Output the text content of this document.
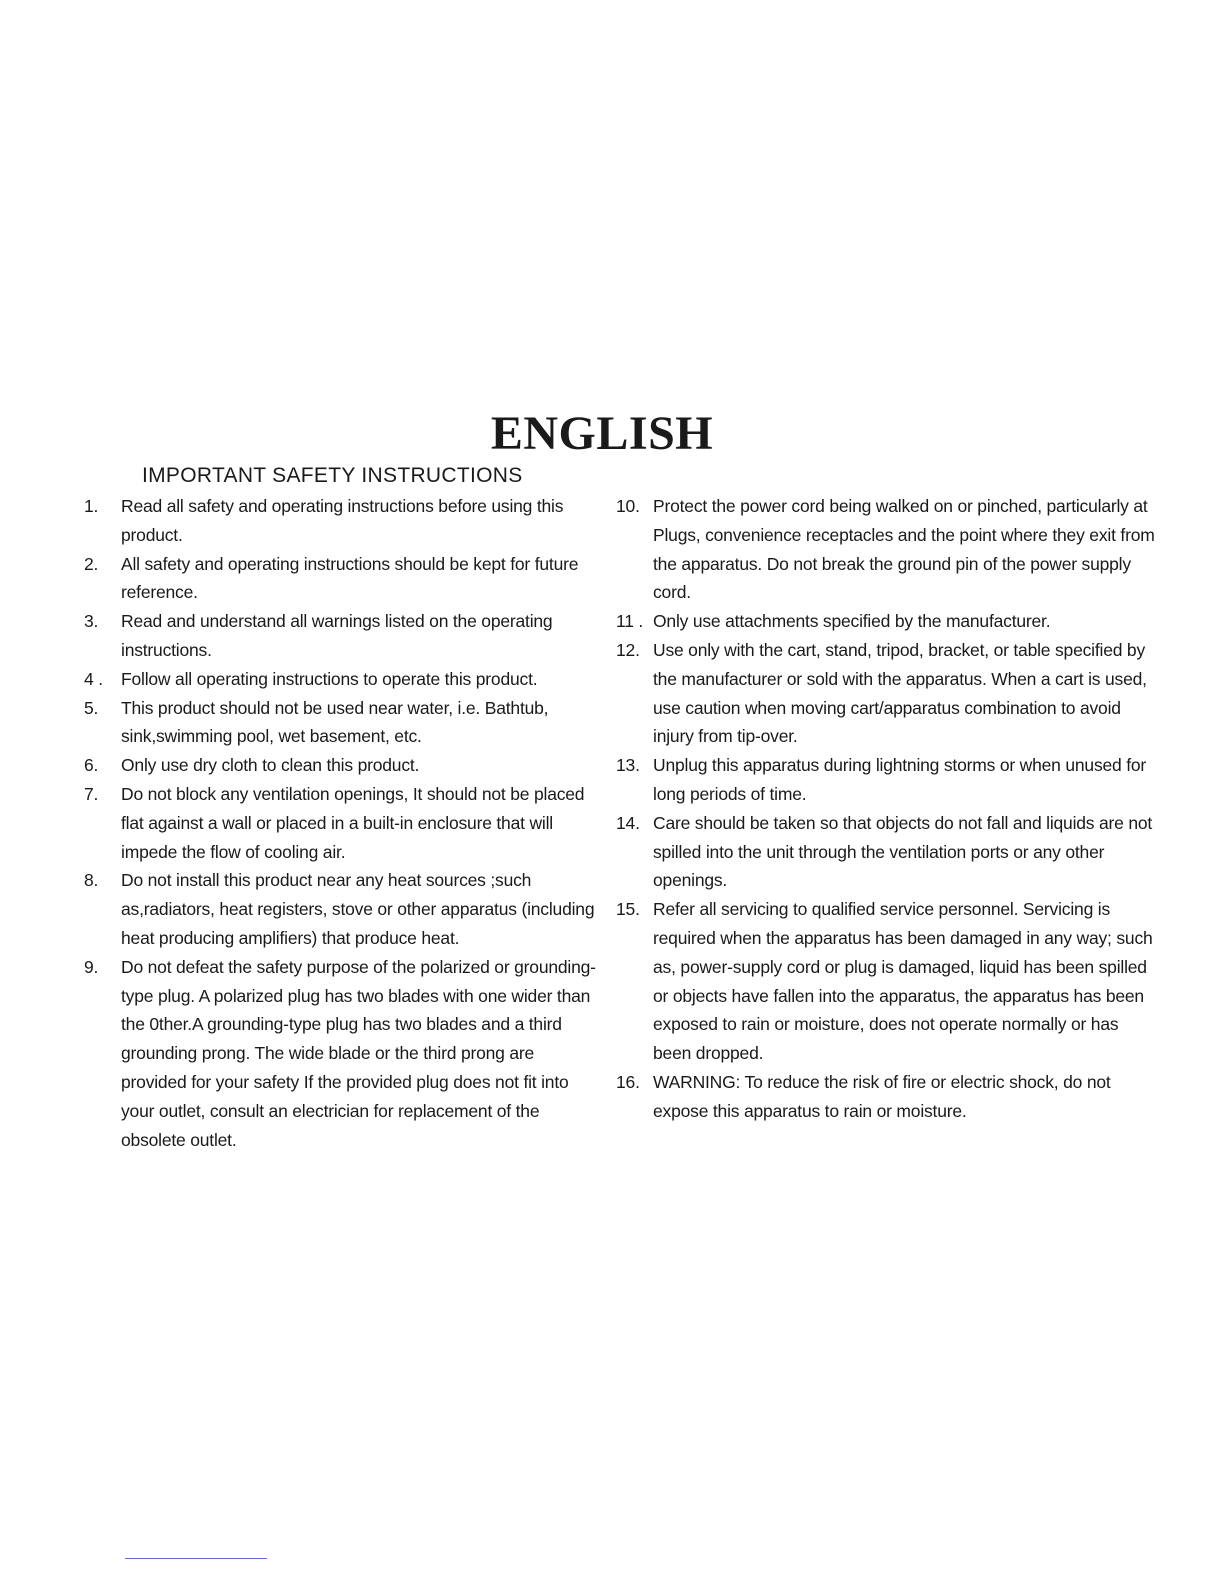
ENGLISH
IMPORTANT SAFETY INSTRUCTIONS
1.	Read all safety and operating instructions before using this product.
2.	All safety and operating instructions should be kept for future reference.
3.	Read and understand all warnings listed on the operating instructions.
4 .	Follow all operating instructions to operate this product.
5.	This product should not be used near water, i.e. Bathtub, sink,swimming pool, wet basement, etc.
6.	Only use dry cloth to clean this product.
7.	Do not block any ventilation openings, It should not be placed flat against a wall or placed in a built-in enclosure that will impede the flow of cooling air.
8.	Do not install this product near any heat sources ;such as,radiators, heat registers, stove or other apparatus (including heat producing amplifiers) that produce heat.
9.	Do not defeat the safety purpose of the polarized or grounding-type plug. A polarized plug has two blades with one wider than the 0ther.A grounding-type plug has two blades and a third grounding prong. The wide blade or the third prong are provided for your safety If the provided plug does not fit into your outlet, consult an electrician for replacement of the obsolete outlet.
10. Protect the power cord being walked on or pinched, particularly at Plugs, convenience receptacles and the point where they exit from the apparatus. Do not break the ground pin of the power supply cord.
11 . Only use attachments specified by the manufacturer.
12. Use only with the cart, stand, tripod, bracket, or table specified by the manufacturer or sold with the apparatus. When a cart is used, use caution when moving cart/apparatus combination to avoid injury from tip-over.
13. Unplug this apparatus during lightning storms or when unused for long periods of time.
14. Care should be taken so that objects do not fall and liquids are not spilled into the unit through the ventilation ports or any other openings.
15. Refer all servicing to qualified service personnel. Servicing is required when the apparatus has been damaged in any way; such as, power-supply cord or plug is damaged, liquid has been spilled or objects have fallen into the apparatus, the apparatus has been exposed to rain or moisture, does not operate normally or has been dropped.
16. WARNING: To reduce the risk of fire or electric shock, do not expose this apparatus to rain or moisture.
